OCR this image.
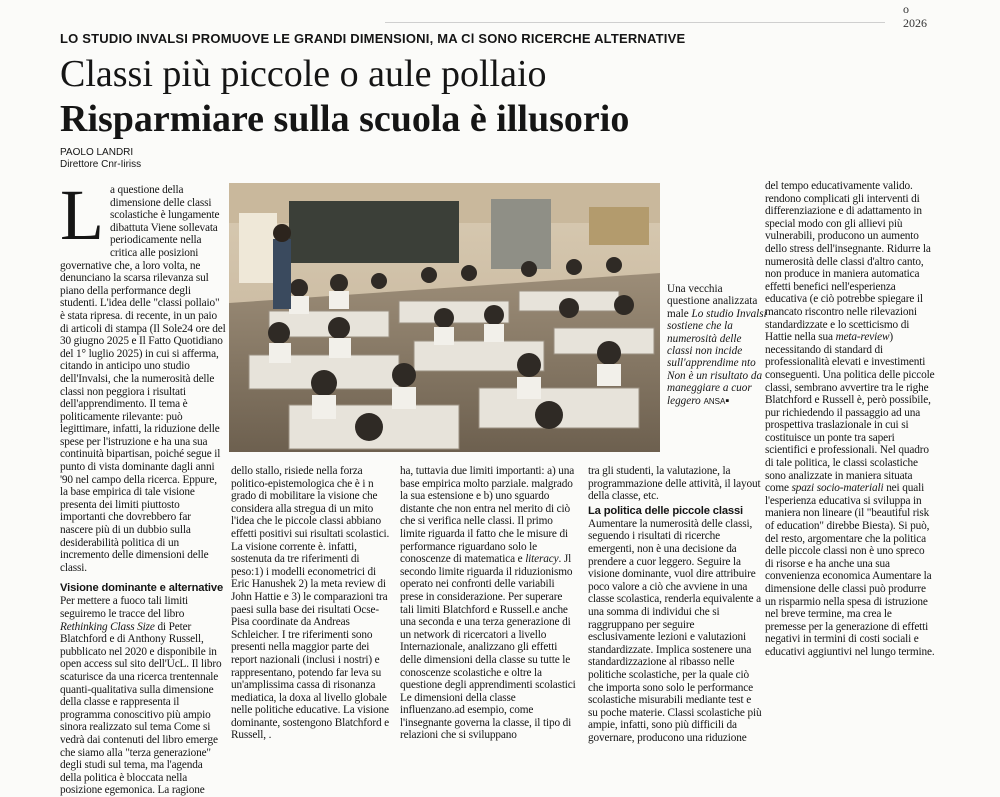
o
2026
LO STUDIO INVALSI PROMUOVE LE GRANDI DIMENSIONI, MA Cl SONO RICERCHE ALTERNATIVE
Classi più piccole o aule pollaio
Risparmiare sulla scuola è illusorio
PAOLO LANDRI
Direttore Cnr-Iiriss

La questione della dimensione delle classi scolastiche è lungamente dibattuta Viene sollevata periodicamente nella critica alle posizioni governative che, a loro volta, ne denunciano la scarsa rilevanza sul piano della performance degli studenti. L'idea delle "classi pollaio" è stata ripresa. di recente, in un paio di articoli di stampa (Il Sole24 ore del 30 giugno 2025 e Il Fatto Quotidiano del 1° luglio 2025) in cui si afferma, citando in anticipo uno studio dell'Invalsi, che la numerosità delle classi non peggiora i risultati dell'apprendimento. Il tema è politicamente rilevante: può legittimare, infatti, la riduzione delle spese per l'istruzione e ha una sua continuità bipartisan, poiché segue il punto di vista dominante dagli anni '90 nel campo della ricerca. Eppure, la base empirica di tale visione presenta dei limiti piuttosto importanti che dovrebbero far nascere più di un dubbio sulla desiderabilità politica di un incremento delle dimensioni delle classi.

Visione dominante e alternative

Per mettere a fuoco tali limiti seguiremo le tracce del libro Rethinking Class Size di Peter Blatchford e di Anthony Russell, pubblicato nel 2020 e disponibile in open access sul sito dell'UcL. Il libro scaturisce da una ricerca trentennale quanti-qualitativa sulla dimensione della classe e rappresenta il programma conoscitivo più ampio sinora realizzato sul tema Come si vedrà dai contenuti del libro emerge che siamo alla "terza generazione" degli studi sul tema, ma l'agenda della politica è bloccata nella posizione egemonica. La ragione

Una vecchia questione analizzata male Lo studio Invalsi sostiene che la numerosità delle classi non incide sull'apprendime nto Non è un risultato da maneggiare a cuor leggero ANSA▪

dello stallo, risiede nella forza politico-epistemologica che è i n grado di mobilitare la visione che considera alla stregua di un mito l'idea che le piccole classi abbiano effetti positivi sui risultati scolastici. La visione corrente è. infatti, sostenuta da tre riferimenti di peso:1) i modelli econometrici di Eric Hanushek 2) la meta review di John Hattie e 3) le comparazioni tra paesi sulla base dei risultati Ocse-Pisa coordinate da Andreas Schleicher. I tre riferimenti sono presenti nella maggior parte dei report nazionali (inclusi i nostri) e rappresentano, potendo far leva su un'amplissima cassa di risonanza mediatica, la doxa al livello globale nelle politiche educative. La visione dominante, sostengono Blatchford e Russell, .

ha, tuttavia due limiti importanti: a) una base empirica molto parziale. malgrado la sua estensione e b) uno sguardo distante che non entra nel merito di ciò che si verifica nelle classi. Il primo limite riguarda il fatto che le misure di performance riguardano solo le conoscenze di matematica e literacy. Jl secondo limite riguarda il riduzionismo operato nei confronti delle variabili prese in considerazione. Per superare tali limiti Blatchford e Russell.e anche una seconda e una terza generazione di un network di ricercatori a livello Internazionale, analizzano gli effetti delle dimensioni della classe su tutte le conoscenze scolastiche e oltre la questione degli apprendimenti scolastici Le dimensioni della classe influenzano.ad esempio, come l'insegnante governa la classe, il tipo di relazioni che si sviluppano

tra gli studenti, la valutazione, la programmazione delle attività, il layout della classe, etc.

La politica delle piccole classi

Aumentare la numerosità delle classi, seguendo i risultati di ricerche emergenti, non è una decisione da prendere a cuor leggero. Seguire la visione dominante, vuol dire attribuire poco valore a ciò che avviene in una classe scolastica, renderla equivalente a una somma di individui che si raggruppano per seguire esclusivamente lezioni e valutazioni standardizzate. Implica sostenere una standardizzazione al ribasso nelle politiche scolastiche, per la quale ciò che importa sono solo le performance scolastiche misurabili mediante test e su poche materie. Classi scolastiche più ampie, infatti, sono più difficili da governare, producono una riduzione

del tempo educativamente valido. rendono complicati gli interventi di differenziazione e di adattamento in special modo con gli allievi più vulnerabili, producono un aumento dello stress dell'insegnante. Ridurre la numerosità delle classi d'altro canto, non produce in maniera automatica effetti benefici nell'esperienza educativa (e ciò potrebbe spiegare il mancato riscontro nelle rilevazioni standardizzate e lo scetticismo di Hattie nella sua meta-review) necessitando di standard di professionalità elevati e investimenti conseguenti. Una politica delle piccole classi, sembrano avvertire tra le righe Blatchford e Russell è, però possibile, pur richiedendo il passaggio ad una prospettiva traslazionale in cui si costituisce un ponte tra saperi scientifici e professionali. Nel quadro di tale politica, le classi scolastiche sono analizzate in maniera situata come spazi socio-materiali nei quali l'esperienza educativa si sviluppa in maniera non lineare (il "beautiful risk of education" direbbe Biesta). Si può, del resto, argomentare che la politica delle piccole classi non è uno spreco di risorse e ha anche una sua convenienza economica Aumentare la dimensione delle classi può produrre un risparmio nella spesa di istruzione nel breve termine, ma crea le premesse per la generazione di effetti negativi in termini di costi sociali e educativi aggiuntivi nel lungo termine.
